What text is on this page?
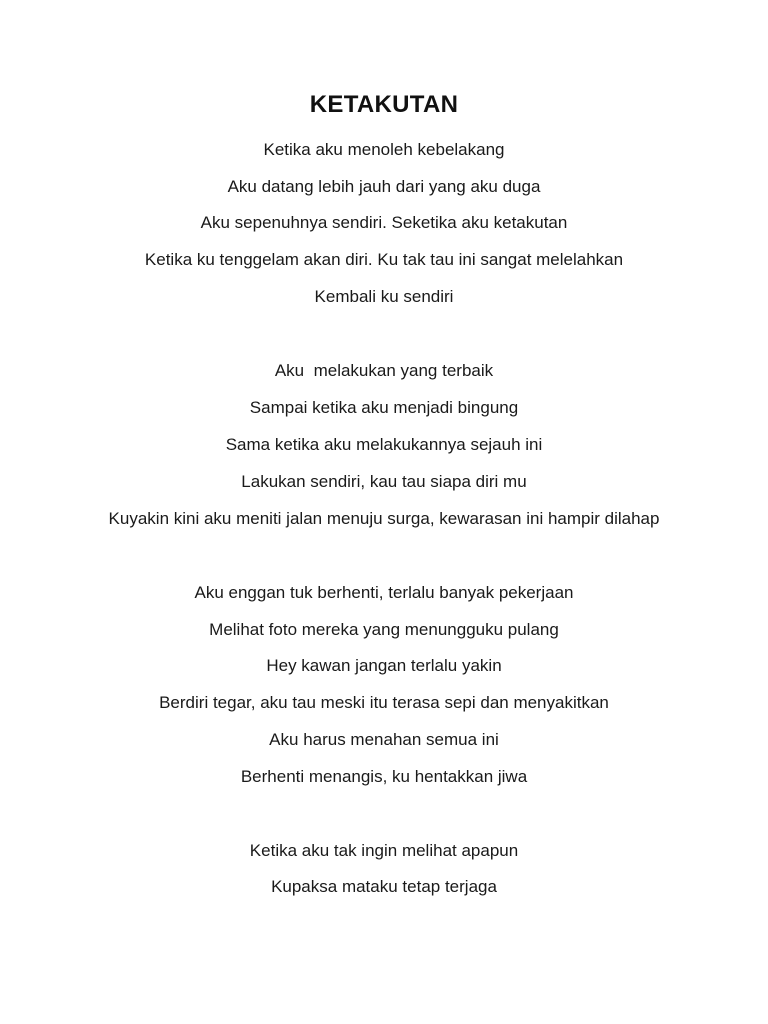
KETAKUTAN
Ketika aku menoleh kebelakang
Aku datang lebih jauh dari yang aku duga
Aku sepenuhnya sendiri. Seketika aku ketakutan
Ketika ku tenggelam akan diri. Ku tak tau ini sangat melelahkan
Kembali ku sendiri
Aku  melakukan yang terbaik
Sampai ketika aku menjadi bingung
Sama ketika aku melakukannya sejauh ini
Lakukan sendiri, kau tau siapa diri mu
Kuyakin kini aku meniti jalan menuju surga, kewarasan ini hampir dilahap
Aku enggan tuk berhenti, terlalu banyak pekerjaan
Melihat foto mereka yang menungguku pulang
Hey kawan jangan terlalu yakin
Berdiri tegar, aku tau meski itu terasa sepi dan menyakitkan
Aku harus menahan semua ini
Berhenti menangis, ku hentakkan jiwa
Ketika aku tak ingin melihat apapun
Kupaksa mataku tetap terjaga
